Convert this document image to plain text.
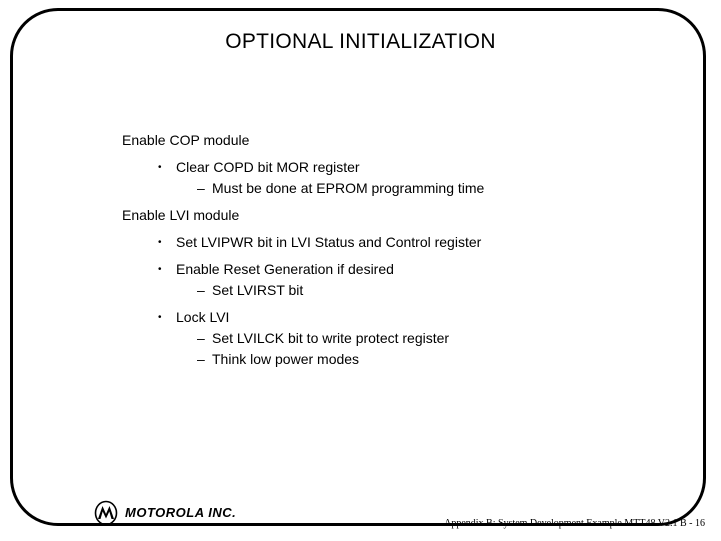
OPTIONAL INITIALIZATION
Enable COP module
• Clear COPD bit MOR register
– Must be done at EPROM programming time
Enable LVI module
• Set LVIPWR bit in LVI Status and Control register
• Enable Reset Generation if desired
– Set LVIRST bit
• Lock LVI
– Set LVILCK bit to write protect register
– Think low power modes
MOTOROLA INC.
Appendix B: System Development Example MTT48 V2.1 B - 16
